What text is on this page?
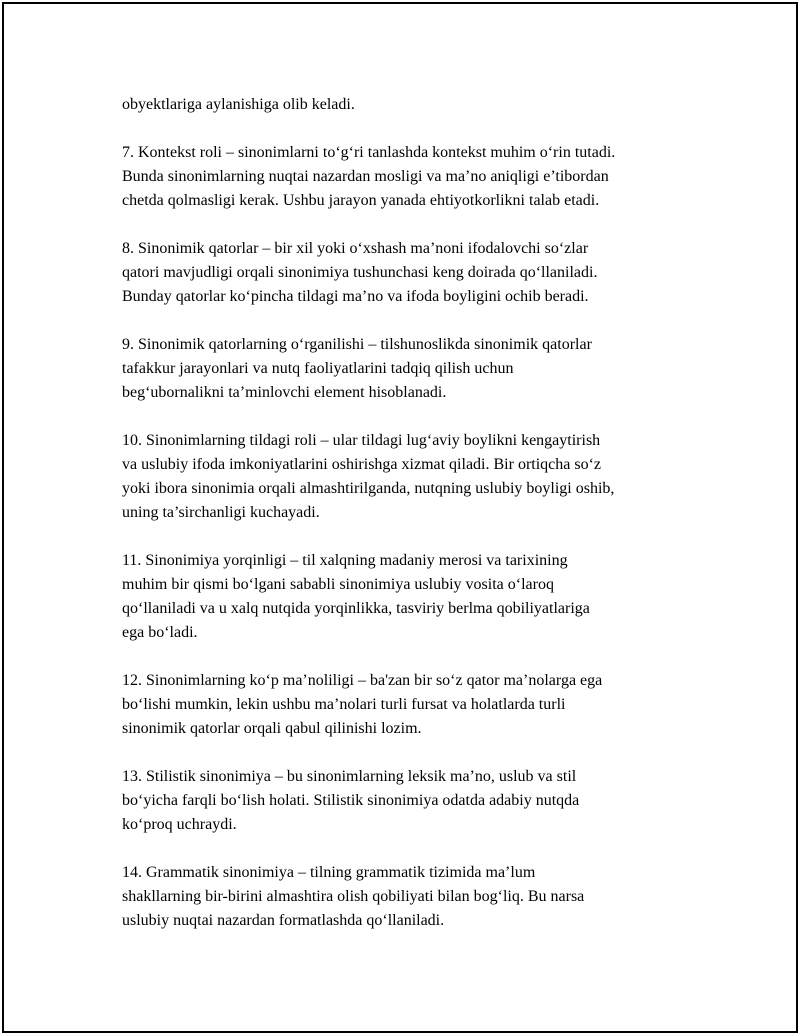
obyektlariga aylanishiga olib keladi.

7. Kontekst roli – sinonimlarni to‘g‘ri tanlashda kontekst muhim o‘rin tutadi.
Bunda sinonimlarning nuqtai nazardan mosligi va ma’no aniqligi e’tibordan
chetda qolmasligi kerak. Ushbu jarayon yanada ehtiyotkorlikni talab etadi.

8. Sinonimik qatorlar – bir xil yoki o‘xshash ma’noni ifodalovchi so‘zlar
qatori mavjudligi orqali sinonimiya tushunchasi keng doirada qo‘llaniladi.
Bunday qatorlar ko‘pincha tildagi ma’no va ifoda boyligini ochib beradi.

9. Sinonimik qatorlarning o‘rganilishi – tilshunoslikda sinonimik qatorlar
tafakkur jarayonlari va nutq faoliyatlarini tadqiq qilish uchun
beg‘ubornalikni ta’minlovchi element hisoblanadi.

10. Sinonimlarning tildagi roli – ular tildagi lug‘aviy boylikni kengaytirish
va uslubiy ifoda imkoniyatlarini oshirishga xizmat qiladi. Bir ortiqcha so‘z
yoki ibora sinonimia orqali almashtirilganda, nutqning uslubiy boyligi oshib,
uning ta’sirchanligi kuchayadi.

11. Sinonimiya yorqinligi – til xalqning madaniy merosi va tarixining
muhim bir qismi bo‘lgani sababli sinonimiya uslubiy vosita o‘laroq
qo‘llaniladi va u xalq nutqida yorqinlikka, tasviriy berlma qobiliyatlariga
ega bo‘ladi.

12. Sinonimlarning ko‘p ma’noliligi – ba'zan bir so‘z qator ma’nolarga ega
bo‘lishi mumkin, lekin ushbu ma’nolari turli fursat va holatlarda turli
sinonimik qatorlar orqali qabul qilinishi lozim.

13. Stilistik sinonimiya – bu sinonimlarning leksik ma’no, uslub va stil
bo‘yicha farqli bo‘lish holati. Stilistik sinonimiya odatda adabiy nutqda
ko‘proq uchraydi.

14. Grammatik sinonimiya – tilning grammatik tizimida ma’lum
shakllarning bir-birini almashtira olish qobiliyati bilan bog‘liq. Bu narsa
uslubiy nuqtai nazardan formatlashda qo‘llaniladi.
